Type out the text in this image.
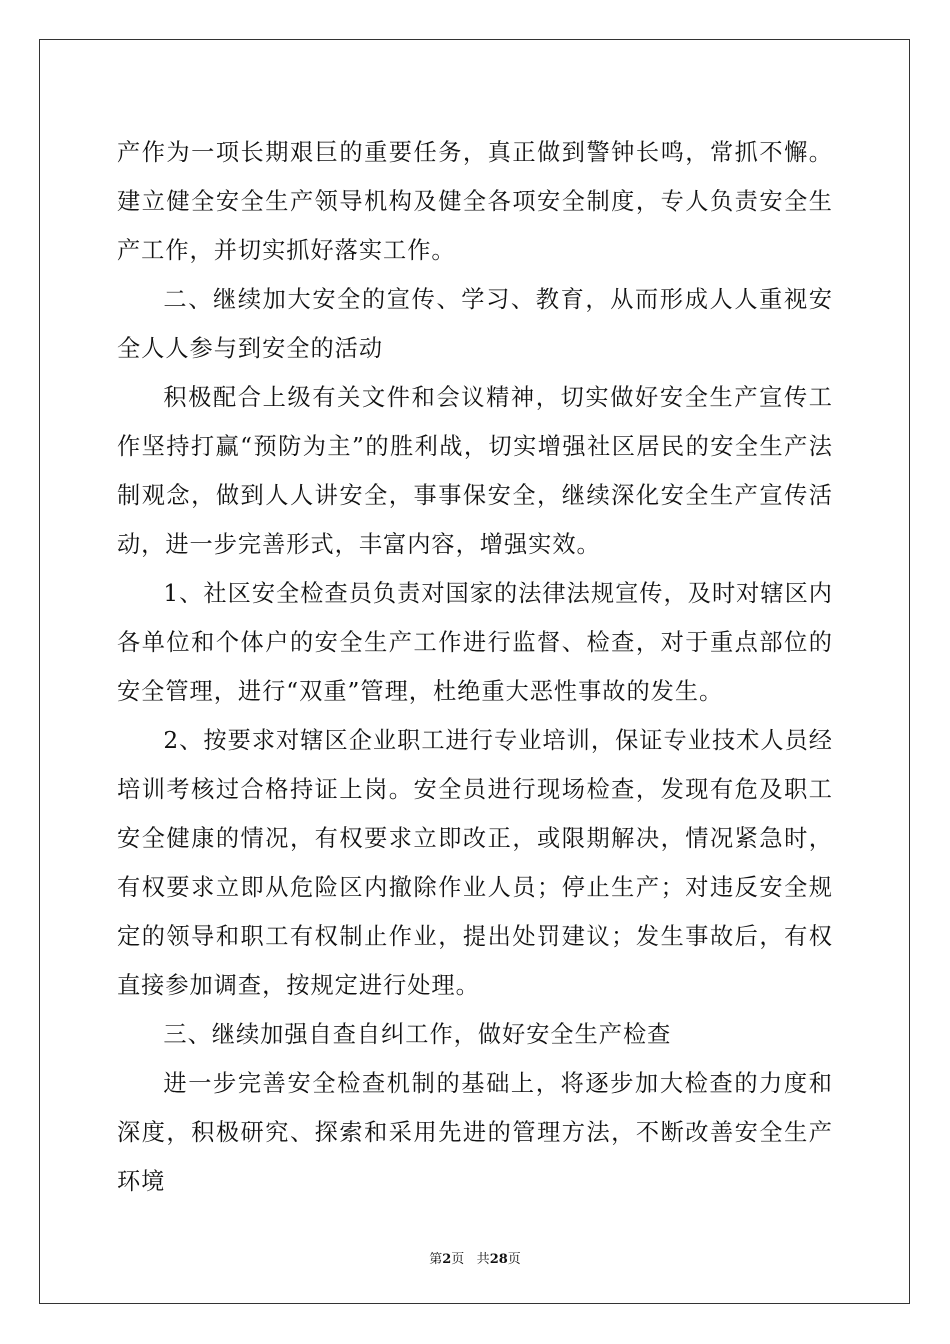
产作为一项长期艰巨的重要任务，真正做到警钟长鸣，常抓不懈。建立健全安全生产领导机构及健全各项安全制度，专人负责安全生产工作，并切实抓好落实工作。

二、继续加大安全的宣传、学习、教育，从而形成人人重视安全人人参与到安全的活动

积极配合上级有关文件和会议精神，切实做好安全生产宣传工作坚持打赢“预防为主”的胜利战，切实增强社区居民的安全生产法制观念，做到人人讲安全，事事保安全，继续深化安全生产宣传活动，进一步完善形式，丰富内容，增强实效。

1、社区安全检查员负责对国家的法律法规宣传，及时对辖区内各单位和个体户的安全生产工作进行监督、检查，对于重点部位的安全管理，进行“双重”管理，杜绝重大恶性事故的发生。

2、按要求对辖区企业职工进行专业培训，保证专业技术人员经培训考核过合格持证上岗。安全员进行现场检查，发现有危及职工安全健康的情况，有权要求立即改正，或限期解决，情况紧急时，有权要求立即从危险区内撤除作业人员；停止生产；对违反安全规定的领导和职工有权制止作业，提出处罚建议；发生事故后，有权直接参加调查，按规定进行处理。

三、继续加强自查自纠工作，做好安全生产检查

进一步完善安全检查机制的基础上，将逐步加大检查的力度和深度，积极研究、探索和采用先进的管理方法，不断改善安全生产环境

第2页 共28页
